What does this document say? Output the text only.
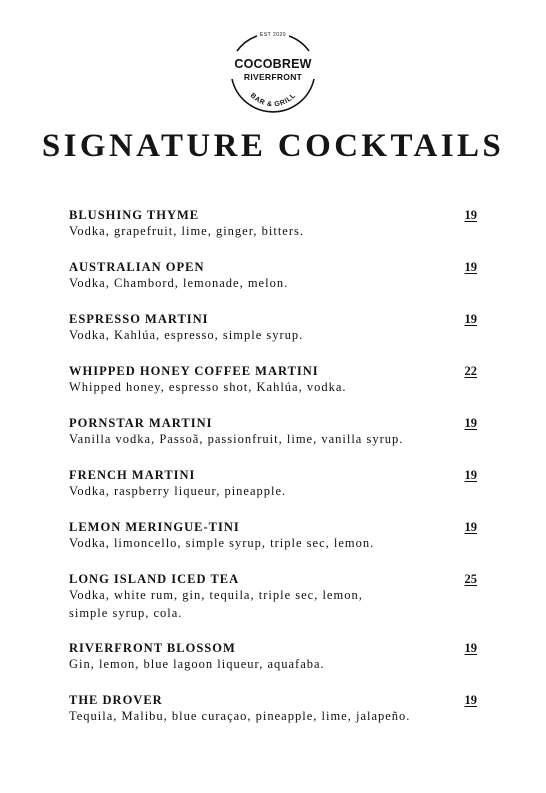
BAR & GRILL
EST 2020
COCOBREW
RIVERFRONT
SIGNATURE COCKTAILS
BLUSHING THYME	19
Vodka, grapefruit, lime, ginger, bitters.
AUSTRALIAN OPEN	19
Vodka, Chambord, lemonade, melon.
ESPRESSO MARTINI	19
Vodka, Kahlúa, espresso, simple syrup.
WHIPPED HONEY COFFEE MARTINI	22
Whipped honey, espresso shot, Kahlúa, vodka.
PORNSTAR MARTINI	19
Vanilla vodka, Passoã, passionfruit, lime, vanilla syrup.
FRENCH MARTINI	19
Vodka, raspberry liqueur, pineapple.
LEMON MERINGUE-TINI	19
Vodka, limoncello, simple syrup, triple sec, lemon.
LONG ISLAND ICED TEA	25
Vodka, white rum, gin, tequila, triple sec, lemon, simple syrup, cola.
RIVERFRONT BLOSSOM	19
Gin, lemon, blue lagoon liqueur, aquafaba.
THE DROVER	19
Tequila, Malibu, blue curaçao, pineapple, lime, jalapeño.
